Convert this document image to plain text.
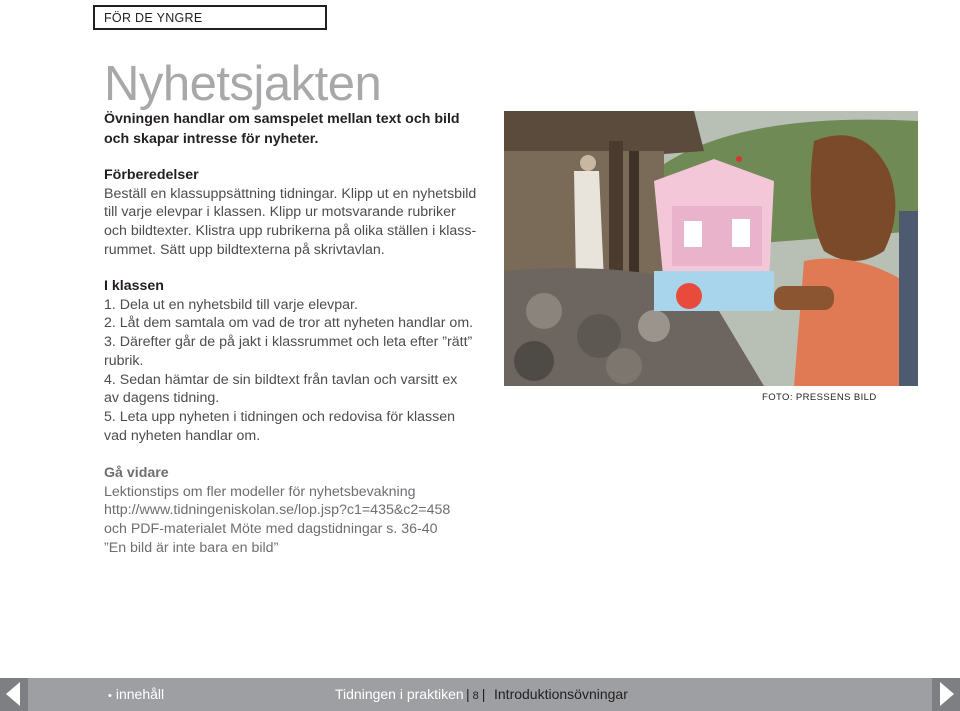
FÖR DE YNGRE
Nyhetsjakten
Övningen handlar om samspelet mellan text och bild
och skapar intresse för nyheter.
Förberedelser
Beställ en klassuppsättning tidningar. Klipp ut en nyhetsbild
till varje elevpar i klassen. Klipp ur motsvarande rubriker
och bildtexter. Klistra upp rubrikerna på olika ställen i klass-
rummet. Sätt upp bildtexterna på skrivtavlan.
I klassen
1. Dela ut en nyhetsbild till varje elevpar.
2. Låt dem samtala om vad de tror att nyheten handlar om.
3. Därefter går de på jakt i klassrummet och leta efter ”rätt”
rubrik.
4. Sedan hämtar de sin bildtext från tavlan och varsitt ex
av dagens tidning.
5. Leta upp nyheten i tidningen och redovisa för klassen
vad nyheten handlar om.
Gå vidare
Lektionstips om fler modeller för nyhetsbevakning
http://www.tidningeniskolan.se/lop.jsp?c1=435&c2=458
och PDF-materialet Möte med dagstidningar s. 36-40
”En bild är inte bara en bild”
FOTO: PRESSENS BILD
• innehåll	Tidningen i praktiken | 8 | Introduktionsövningar
